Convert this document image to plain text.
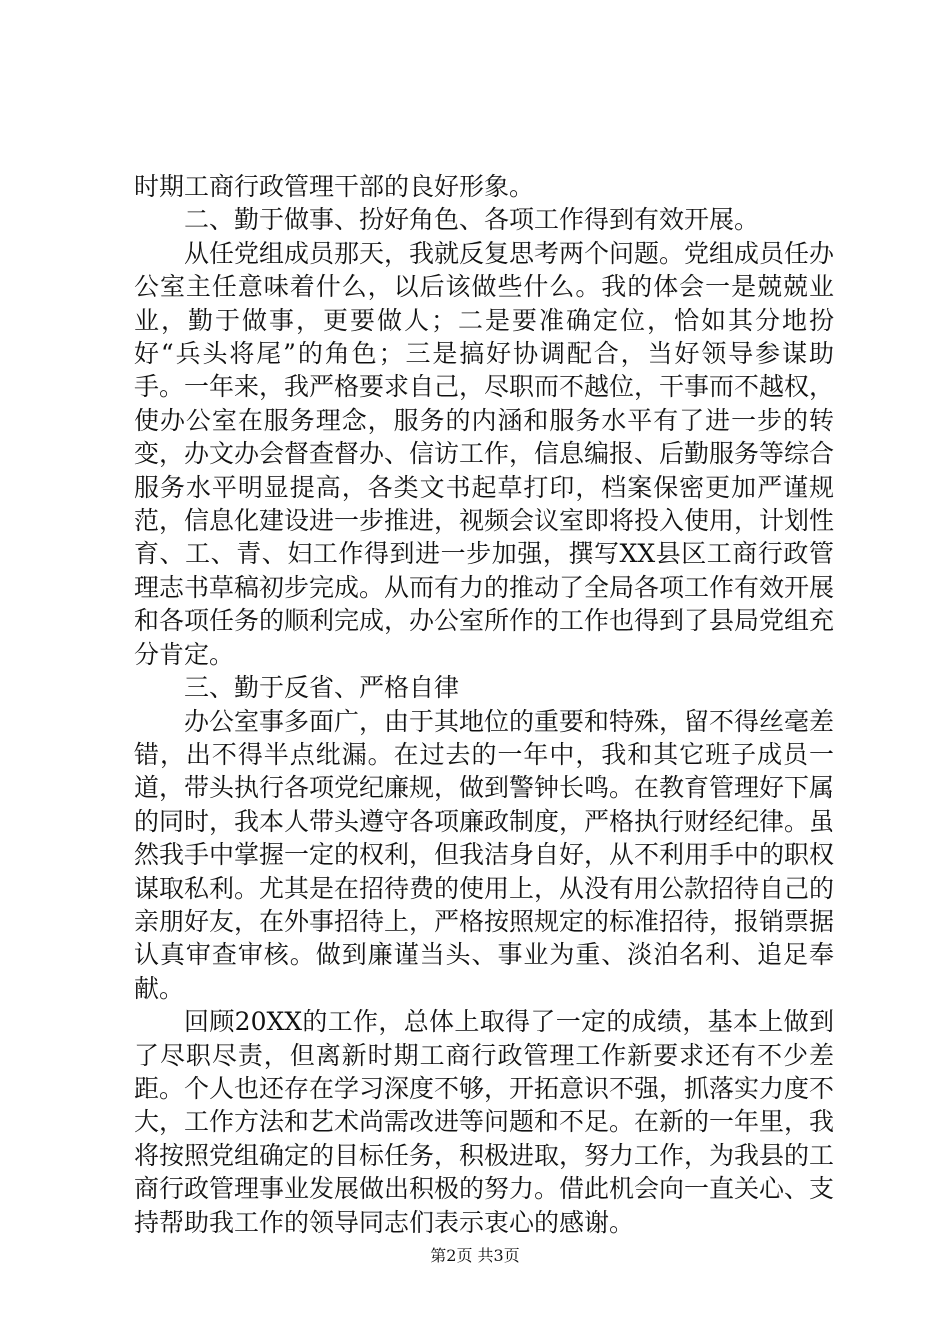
时期工商行政管理干部的良好形象。

二、勤于做事、扮好角色、各项工作得到有效开展。

从任党组成员那天，我就反复思考两个问题。党组成员任办公室主任意味着什么，以后该做些什么。我的体会一是兢兢业业，勤于做事，更要做人；二是要准确定位，恰如其分地扮好“兵头将尾”的角色；三是搞好协调配合，当好领导参谋助手。一年来，我严格要求自己，尽职而不越位，干事而不越权，使办公室在服务理念，服务的内涵和服务水平有了进一步的转变，办文办会督查督办、信访工作，信息编报、后勤服务等综合服务水平明显提高，各类文书起草打印，档案保密更加严谨规范，信息化建设进一步推进，视频会议室即将投入使用，计划性育、工、青、妇工作得到进一步加强，撰写XX县区工商行政管理志书草稿初步完成。从而有力的推动了全局各项工作有效开展和各项任务的顺利完成，办公室所作的工作也得到了县局党组充分肯定。

三、勤于反省、严格自律

办公室事多面广，由于其地位的重要和特殊，留不得丝毫差错，出不得半点纰漏。在过去的一年中，我和其它班子成员一道，带头执行各项党纪廉规，做到警钟长鸣。在教育管理好下属的同时，我本人带头遵守各项廉政制度，严格执行财经纪律。虽然我手中掌握一定的权利，但我洁身自好，从不利用手中的职权谋取私利。尤其是在招待费的使用上，从没有用公款招待自己的亲朋好友，在外事招待上，严格按照规定的标准招待，报销票据认真审查审核。做到廉谨当头、事业为重、淡泊名利、追足奉献。

回顾20XX的工作，总体上取得了一定的成绩，基本上做到了尽职尽责，但离新时期工商行政管理工作新要求还有不少差距。个人也还存在学习深度不够，开拓意识不强，抓落实力度不大，工作方法和艺术尚需改进等问题和不足。在新的一年里，我将按照党组确定的目标任务，积极进取，努力工作，为我县的工商行政管理事业发展做出积极的努力。借此机会向一直关心、支持帮助我工作的领导同志们表示衷心的感谢。

第2页 共3页
